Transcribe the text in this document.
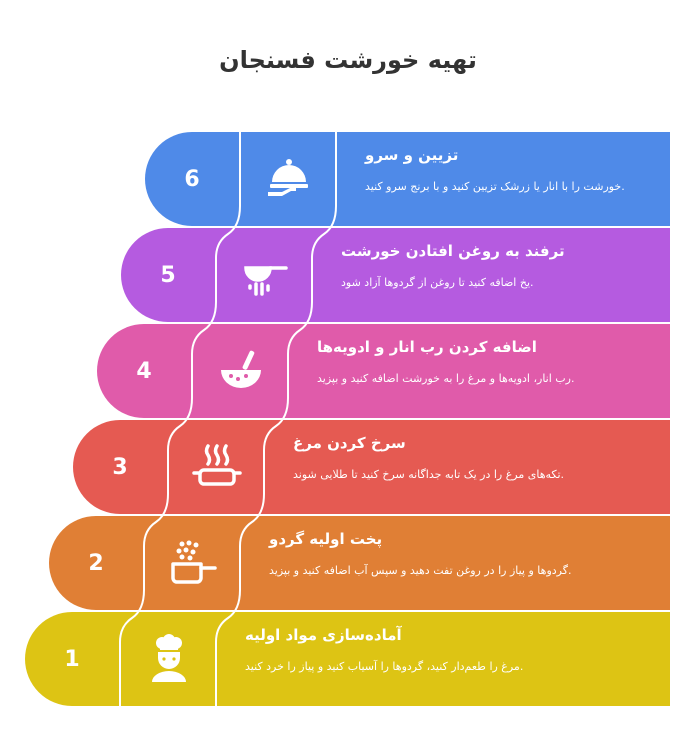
تهیه خورشت فسنجان
6
تزیین و سرو
.خورشت را با انار یا زرشک تزیین کنید و با برنج سرو کنید
5
ترفند به روغن افتادن خورشت
.یخ اضافه کنید تا روغن از گردوها آزاد شود
4
اضافه کردن رب انار و ادویه‌ها
.رب انار، ادویه‌ها و مرغ را به خورشت اضافه کنید و بپزید
3
سرخ کردن مرغ
.تکه‌های مرغ را در یک تابه جداگانه سرخ کنید تا طلایی شوند
2
پخت اولیه گردو
.گردوها و پیاز را در روغن تفت دهید و سپس آب اضافه کنید و بپزید
1
آماده‌سازی مواد اولیه
.مرغ را طعم‌دار کنید، گردوها را آسیاب کنید و پیاز را خرد کنید
